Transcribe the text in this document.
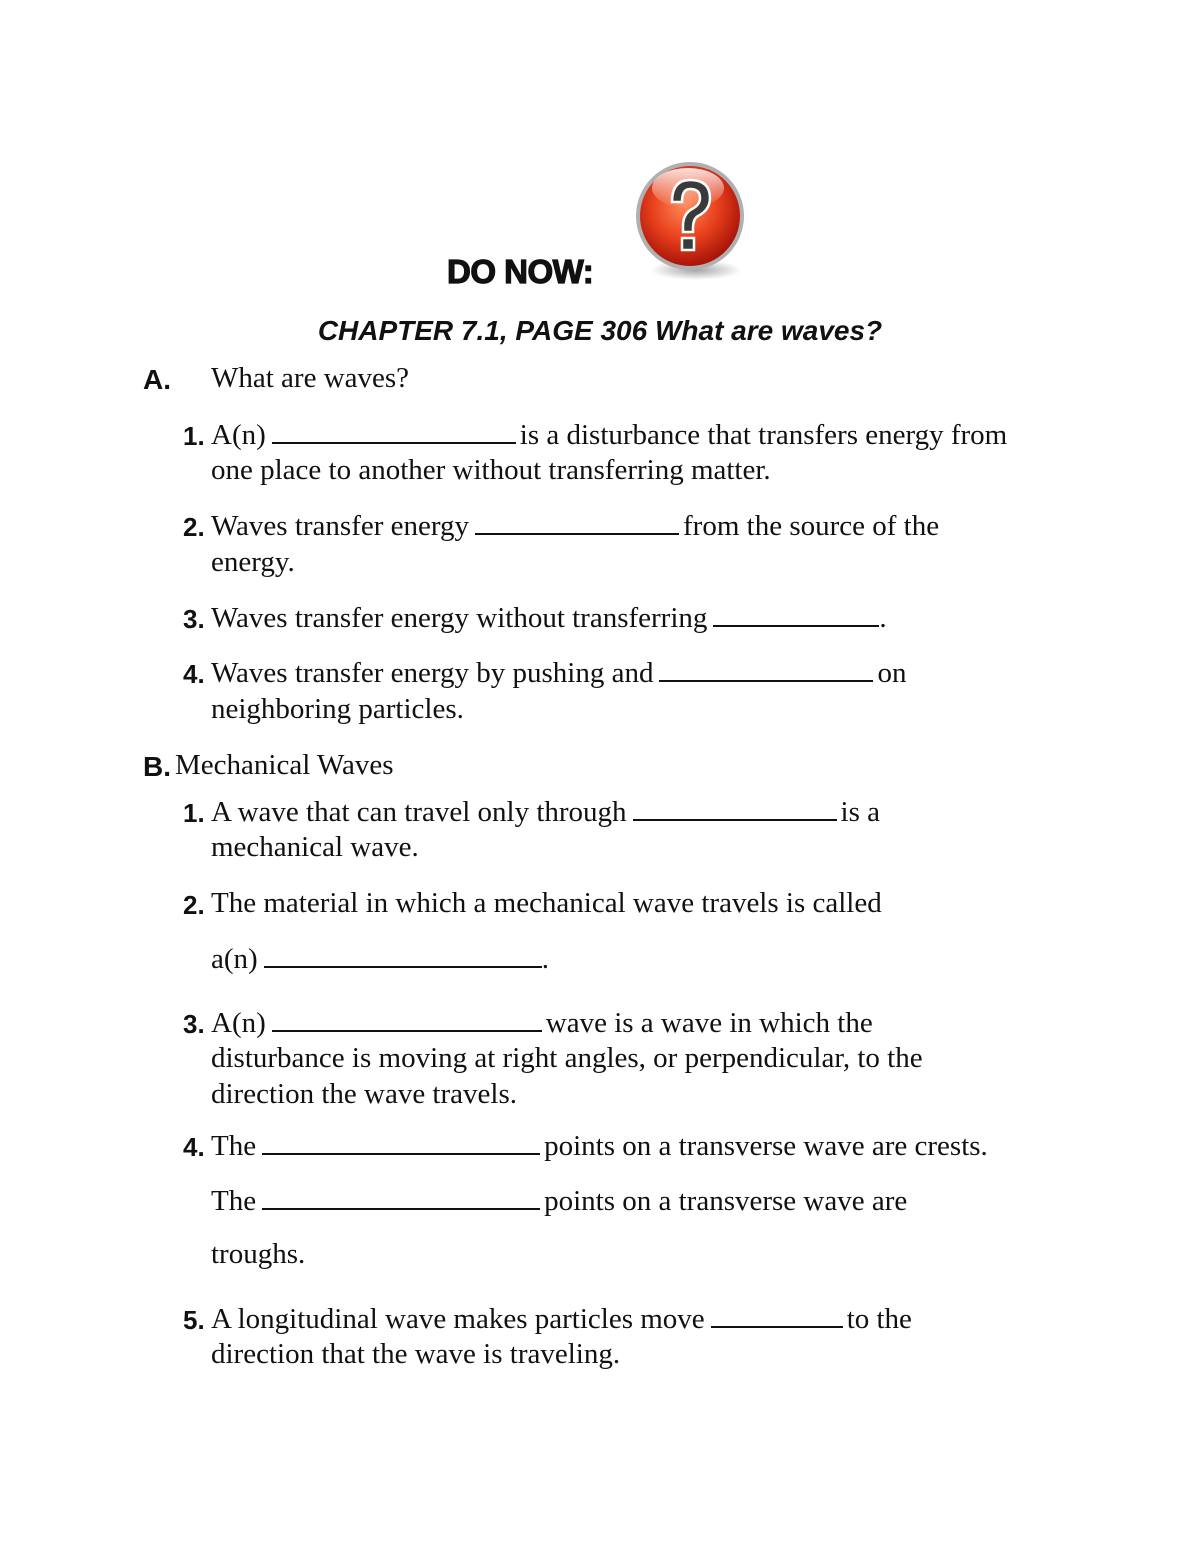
DO NOW:
CHAPTER 7.1, PAGE 306 What are waves?
A. What are waves?
1. A(n)	is a disturbance that transfers energy from
one place to another without transferring matter.
2. Waves transfer energy	from the source of the
energy.
3. Waves transfer energy without transferring	.
4. Waves transfer energy by pushing and	on
neighboring particles.
B. Mechanical Waves
1. A wave that can travel only through	is a
mechanical wave.
2. The material in which a mechanical wave travels is called
a(n)	.
3. A(n)	wave is a wave in which the
disturbance is moving at right angles, or perpendicular, to the
direction the wave travels.
4. The	points on a transverse wave are crests.
The	points on a transverse wave are
troughs.
5. A longitudinal wave makes particles move	to the
direction that the wave is traveling.
